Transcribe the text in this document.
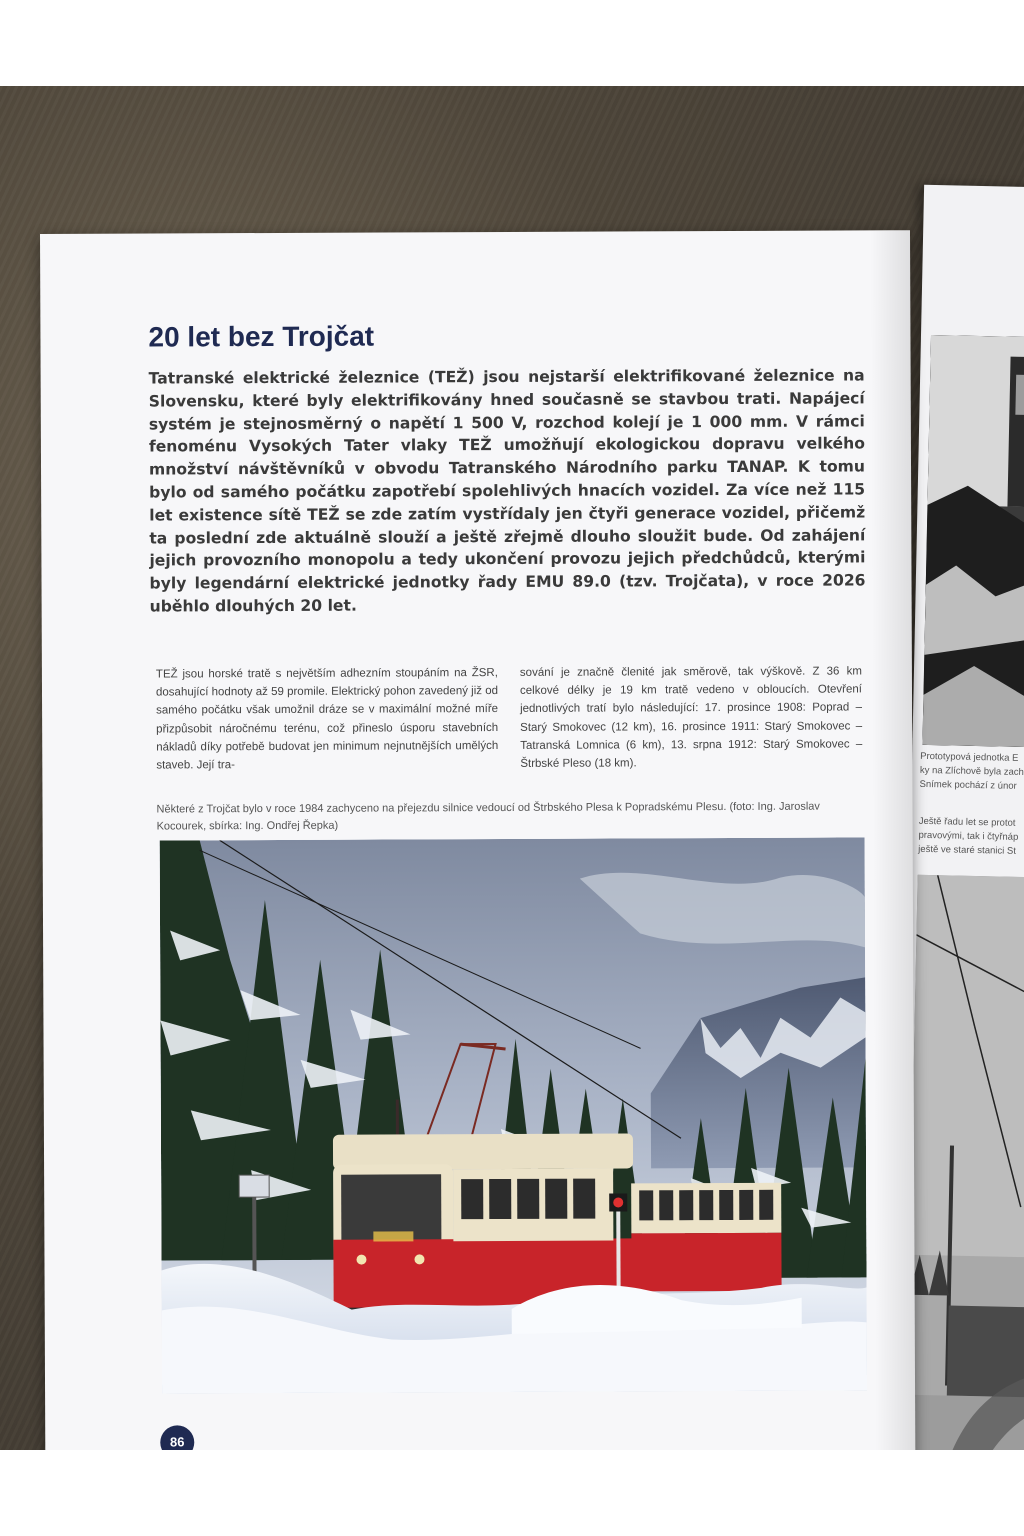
Prototypová jednotka E
ky na Zlíchově byla zach
Snímek pochází z únor
Ještě řadu let se protot
pravovými, tak i čtyřnáp
ještě ve staré stanici St
20 let bez Trojčat

Tatranské elektrické železnice (TEŽ) jsou nejstarší elektrifikované železnice na Slovensku, které byly elektrifikovány hned současně se stavbou trati. Napájecí systém je stejnosměrný o napětí 1 500 V, rozchod kolejí je 1 000 mm. V rámci fenoménu Vysokých Tater vlaky TEŽ umožňují ekologickou dopravu velkého množství návštěvníků v obvodu Tatranského Národního parku TANAP. K tomu bylo od samého počátku zapotřebí spolehlivých hnacích vozidel. Za více než 115 let existence sítě TEŽ se zde zatím vystřídaly jen čtyři generace vozidel, přičemž ta poslední zde aktuálně slouží a ještě zřejmě dlouho sloužit bude. Od zahájení jejich provozního monopolu a tedy ukončení provozu jejich předchůdců, kterými byly legendární elektrické jednotky řady EMU 89.0 (tzv. Trojčata), v roce 2026 uběhlo dlouhých 20 let.

TEŽ jsou horské tratě s největším adhezním stoupáním na ŽSR, dosahující hodnoty až 59 promile. Elektrický pohon zavedený již od samého počátku však umožnil dráze se v maximální možné míře přizpůsobit náročnému terénu, což přineslo úsporu stavebních nákladů díky potřebě budovat jen minimum nejnutnějších umělých staveb. Její tra-

sování je značně členité jak směrově, tak výškově. Z 36 km celkové délky je 19 km tratě vedeno v obloucích. Otevření jednotlivých tratí bylo následující: 17. prosince 1908: Poprad – Starý Smokovec (12 km), 16. prosince 1911: Starý Smokovec – Tatranská Lomnica (6 km), 13. srpna 1912: Starý Smokovec – Štrbské Pleso (18 km).

Některé z Trojčat bylo v roce 1984 zachyceno na přejezdu silnice vedoucí od Štrbského Plesa k Popradskému Plesu. (foto: Ing. Jaroslav Kocourek, sbírka: Ing. Ondřej Řepka)

86
